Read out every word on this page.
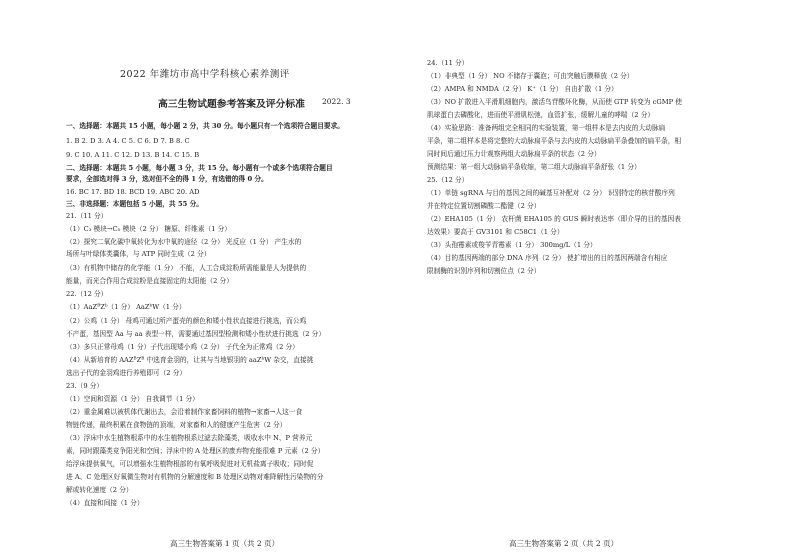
2022 年潍坊市高中学科核心素养测评
高三生物试题参考答案及评分标准 2022. 3
一、选择题：本题共 15 小题，每小题 2 分，共 30 分。每小题只有一个选项符合题目要求。
1. B 2. D 3. A 4. C 5. C 6. D 7. B 8. C
9. C 10. A 11. C 12. D 13. B 14. C 15. B
二、选择题：本题共 5 小题，每小题 3 分，共 15 分。每小题有一个或多个选项符合题目
要求，全部选对得 3 分，选对但不全的得 1 分，有选错的得 0 分。
16. BC 17. BD 18. BCD 19. ABC 20. AD
三、非选择题：本题包括 5 小题，共 55 分。
21.（11 分）
（1）C₃ 模块→C₅ 模块（2 分） 糖原、纤维素（1 分）
（2）探究二氧化碳中氧转化为水中氧的途径（2 分） 光反应（1 分） 产生水的
场所与叶绿体类囊体，与 ATP 同时生成（2 分）
（3）有机物中储存的化学能（1 分） 不能，人工合成淀粉所需能量是人为提供的
能量，而光合作用合成淀粉是直接固定的太阳能（2 分）
22.（12 分）
（1）AaZᴮZᵇ（1 分） AaZᵇW（1 分）
（2）公鸡（1 分） 母鸡可通过所产蛋壳的颜色和矮小性状直接进行挑选，而公鸡
不产蛋，基因型 Aa 与 aa 表型一样，需要通过基因型检测和矮小性状进行挑选（2 分）
（3）多只正常母鸡（1 分）子代出现矮小鸡（2 分） 子代全为正常鸡（2 分）
（4）从新培育的 AAZᴮZᴮ 中选育金羽的，让其与当地银羽的 aaZᵇW 杂交，直接挑
选出子代的金羽鸡进行养殖即可（2 分）
23.（9 分）
（1）空间和资源（1 分） 自我调节（1 分）
（2）重金属难以被机体代谢出去，会沿着制作家畜饲料的植物→家畜→人这一食
物链传递，最终积累在食物链的顶端，对家畜和人的健康产生危害（2 分）
（3）浮床中水生植物根系中的水生植物根系过滤去除藻类，吸收水中 N、P 营养元
素，同时跟藻类竞争阳光和空间；浮床中的 A 处理区的废弃物充能很难 P 元素（2 分）
给浮床提供氧气，可以增强水生植物根部的有氧呼吸促进对无机盐离子吸收；同时促
进 A、C 处理区好氧微生物对有机物的分解速度和 B 处理区动物对难降解性污染物的分
解或转化速度（2 分）
（4）直接和间接（1 分）
高三生物答案第 1 页（共 2 页）
24.（11 分）
（1）非典型（1 分） NO 不储存于囊泡；可由突触后膜释放（2 分）
（2）AMPA 和 NMDA（2 分） K⁺（1 分） 自由扩散（1 分）
（3）NO 扩散进入平滑肌细胞内，激活鸟苷酸环化酶，从而使 GTP 转变为 cGMP 使
肌球蛋白去磷酸化，进而使平滑肌松弛，血管扩张，缓解儿童的哮喘（2 分）
（4）实验思路：准备两组完全相同的实验装置，第一组样本是去内皮的大动脉扁
平条，第二组样本是将完整的大动脉扁平条与去内皮的大动脉扁平条叠加的扁平条，相
同时间后通过压力计观察两组大动脉扁平条的状态（2 分）
预测结果：第一组大动脉扁平条收缩，第二组大动脉扁平条舒张（1 分）
25.（12 分）
（1）单链 sgRNA 与目的基因之间的碱基互补配对（2 分） 识别特定的核苷酸序列
并在特定位置切割磷酸二酯键（2 分）
（2）EHA105（1 分） 农杆菌 EHA105 的 GUS 瞬时表达率（即介导的目的基因表
达效果）要高于 GV3101 和 C58C1（1 分）
（3）头孢霉素或羧苄青霉素（1 分） 300mg/L（1 分）
（4）目的基因两端的部分 DNA 序列（2 分） 使扩增出的目的基因两端含有相应
限制酶的识别序列和切割位点（2 分）
高三生物答案第 2 页（共 2 页）
